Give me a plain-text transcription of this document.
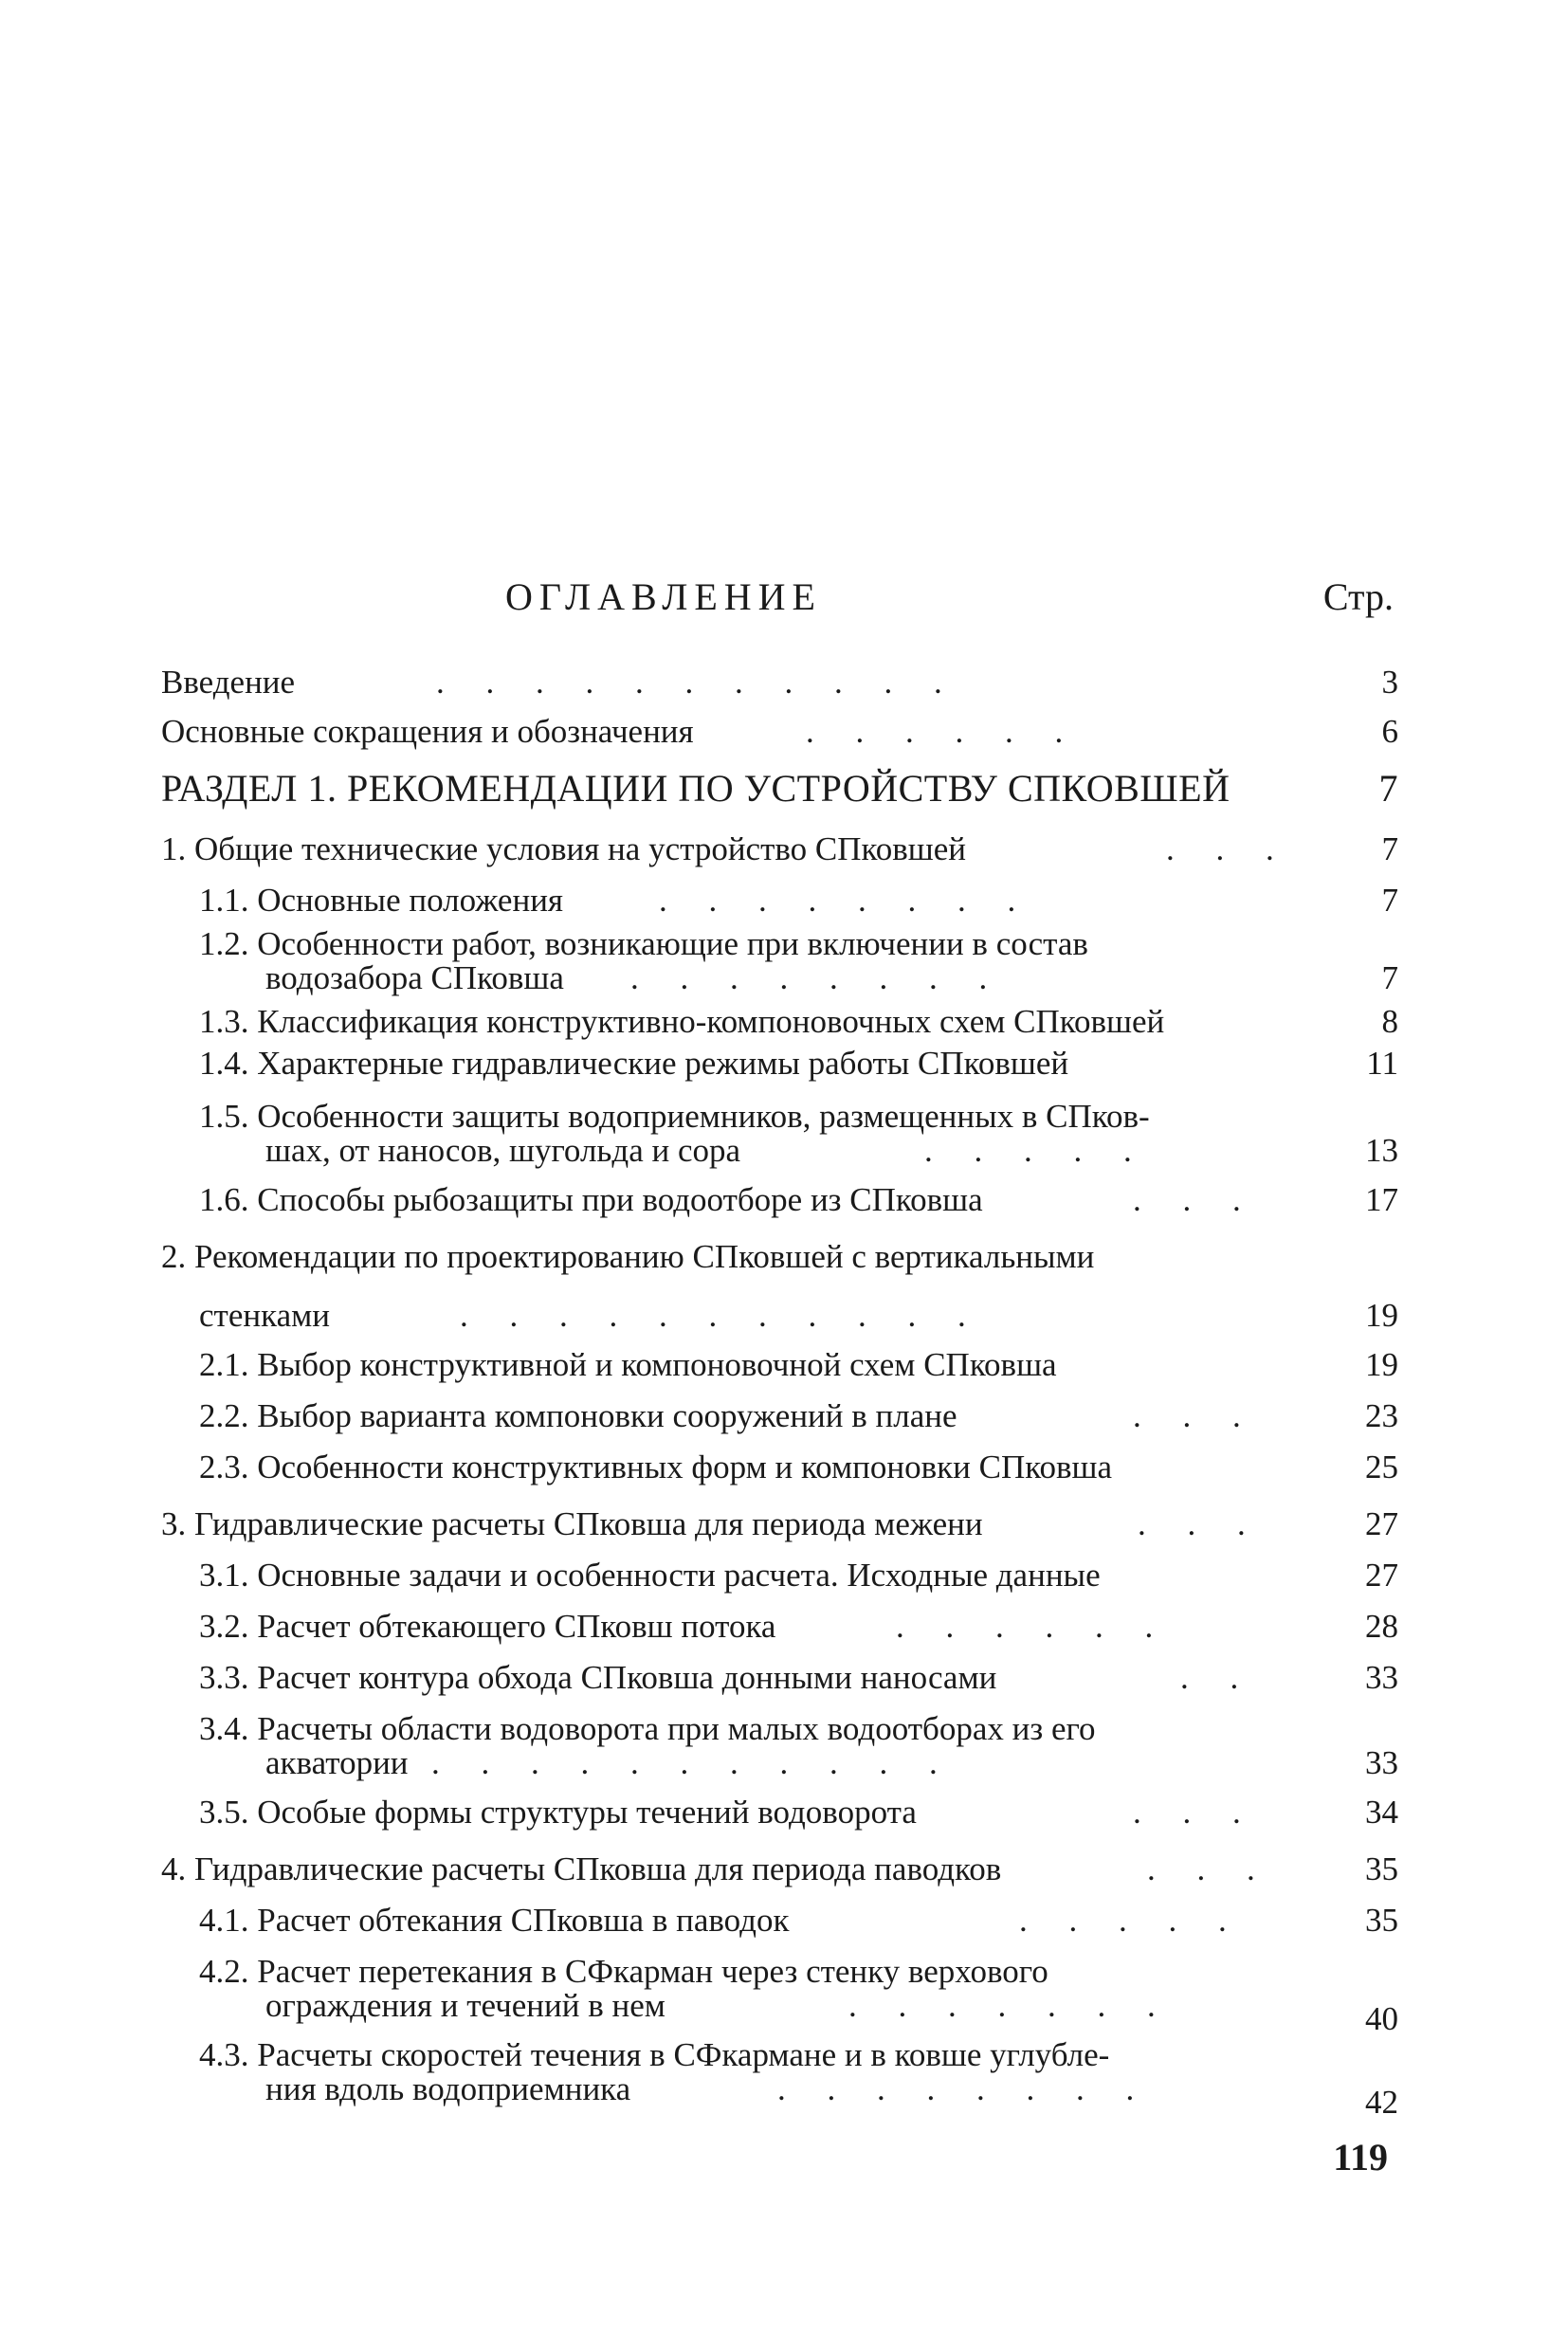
ОГЛАВЛЕНИЕ	Стр.
Введение	.     .     .     .     .     .     .     .     .     .     .	3
Основные сокращения и обозначения	.     .     .     .     .     .	6
РАЗДЕЛ 1. РЕКОМЕНДАЦИИ ПО УСТРОЙСТВУ СПКОВШЕЙ	7
1. Общие технические условия на устройство СПковшей	.     .     .	7
1.1. Основные положения	.     .     .     .     .     .     .     .	7
1.2. Особенности работ, возникающие при включении в состав
водозабора СПковша .     .     .     .     .     .     .     .	7
1.3. Классификация конструктивно-компоновочных схем СПковшей	8
1.4. Характерные гидравлические режимы работы СПковшей	11
1.5. Особенности защиты водоприемников, размещенных в СПков-
шах, от наносов, шугольда и сора	.     .     .     .     .	13
1.6. Способы рыбозащиты при водоотборе из СПковша	.     .     .	17
2. Рекомендации по проектированию СПковшей с вертикальными
стенками	.     .     .     .     .     .     .     .     .     .     .	19
2.1. Выбор конструктивной и компоновочной схем СПковша	19
2.2. Выбор варианта компоновки сооружений в плане	.     .     .	23
2.3. Особенности конструктивных форм и компоновки СПковша	25
3. Гидравлические расчеты СПковша для периода межени	.     .     .	27
3.1. Основные задачи и особенности расчета. Исходные данные	27
3.2. Расчет обтекающего СПковш потока	.     .     .     .     .     .	28
3.3. Расчет контура обхода СПковша донными наносами	.     .	33
3.4. Расчеты области водоворота при малых водоотборах из его
акватории .     .     .     .     .     .     .     .     .     .     .	33
3.5. Особые формы структуры течений водоворота	.     .     .	34
4. Гидравлические расчеты СПковша для периода паводков	.     .     .	35
4.1. Расчет обтекания СПковша в паводок	.     .     .     .     .	35
4.2. Расчет перетекания в СФкарман через стенку верхового
ограждения и течений в нем	.     .     .     .     .     .     .	40
4.3. Расчеты скоростей течения в СФкармане и в ковше углубле-
ния вдоль водоприемника	.     .     .     .     .     .     .     .	42
119
